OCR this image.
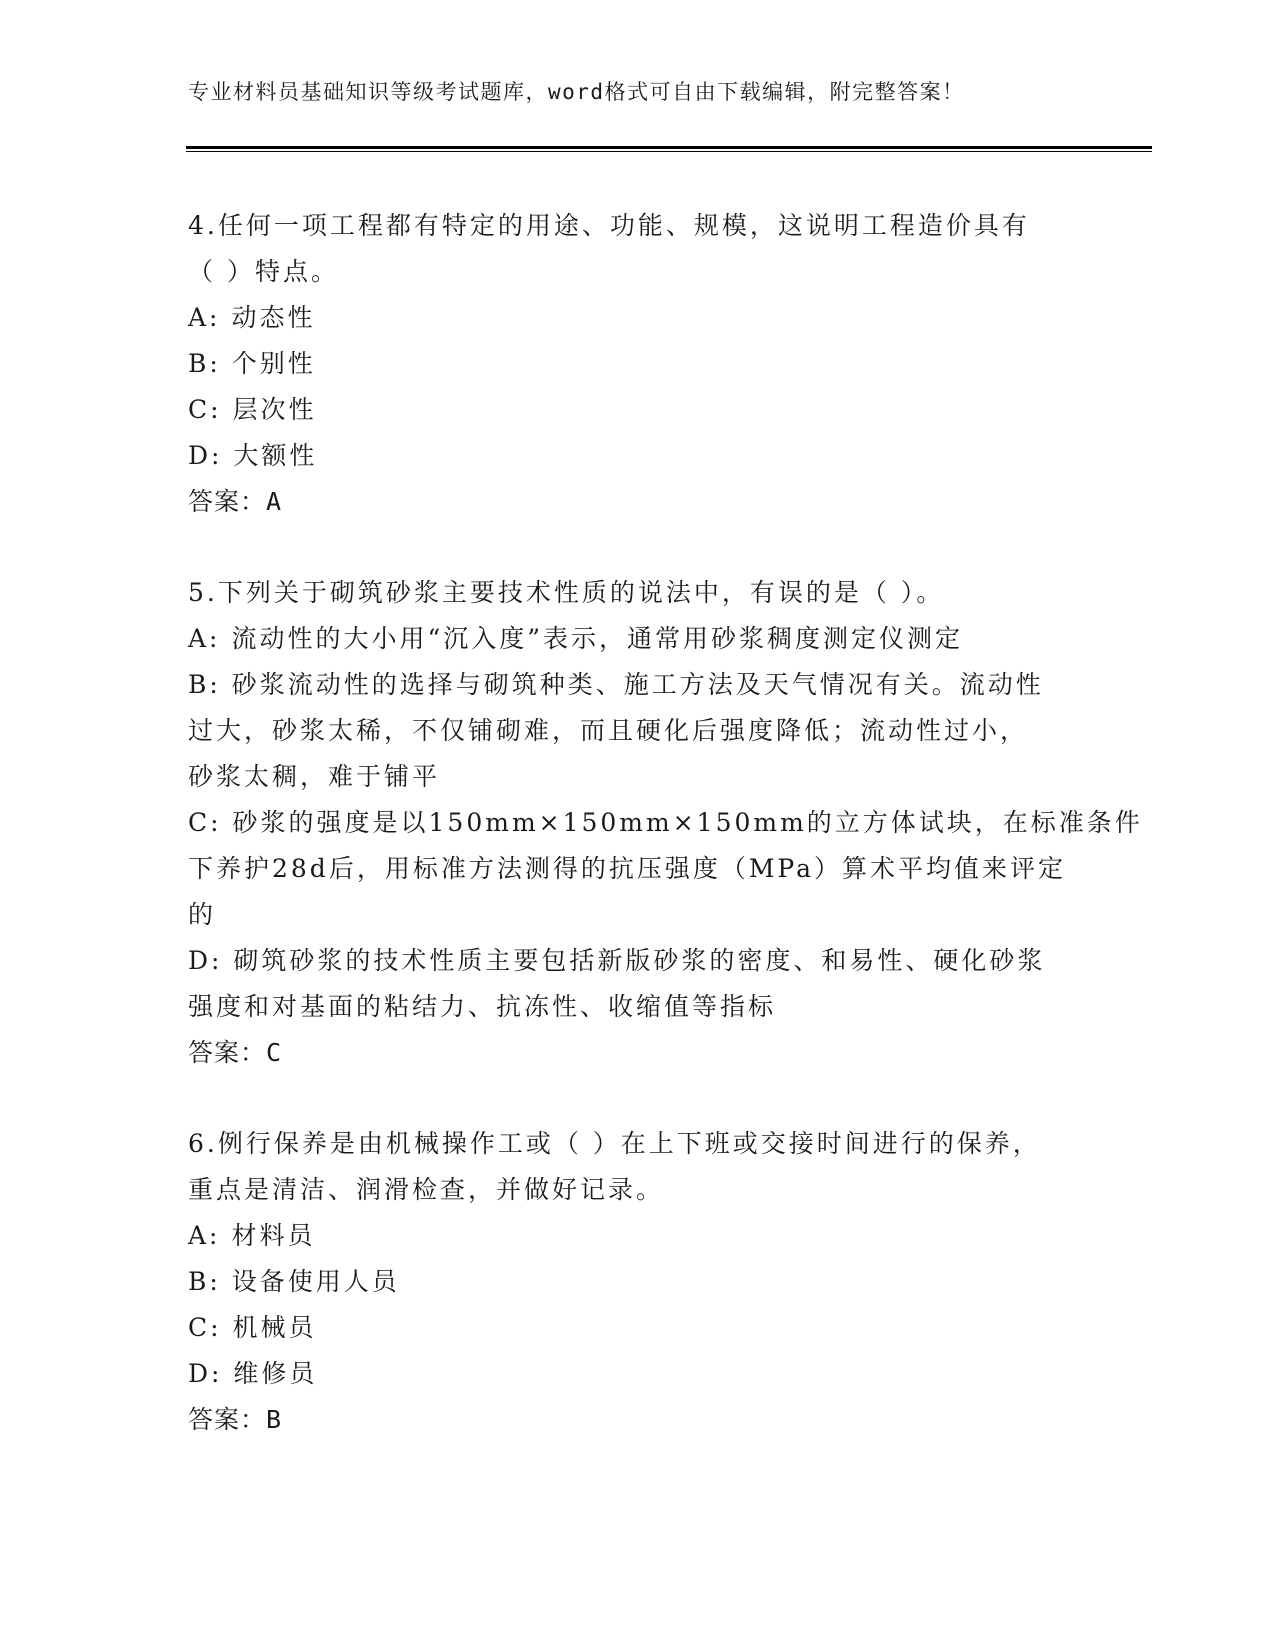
专业材料员基础知识等级考试题库，word格式可自由下载编辑，附完整答案！
4.任何一项工程都有特定的用途、功能、规模，这说明工程造价具有
（ ）特点。
A: 动态性
B: 个别性
C: 层次性
D: 大额性
答案：A
5.下列关于砌筑砂浆主要技术性质的说法中，有误的是（ ）。
A: 流动性的大小用“沉入度”表示，通常用砂浆稠度测定仪测定
B: 砂浆流动性的选择与砌筑种类、施工方法及天气情况有关。流动性
过大，砂浆太稀，不仅铺砌难，而且硬化后强度降低；流动性过小，
砂浆太稠，难于铺平
C: 砂浆的强度是以150mm×150mm×150mm的立方体试块，在标准条件
下养护28d后，用标准方法测得的抗压强度（MPa）算术平均值来评定
的
D: 砌筑砂浆的技术性质主要包括新版砂浆的密度、和易性、硬化砂浆
强度和对基面的粘结力、抗冻性、收缩值等指标
答案：C
6.例行保养是由机械操作工或（ ）在上下班或交接时间进行的保养，
重点是清洁、润滑检查，并做好记录。
A: 材料员
B: 设备使用人员
C: 机械员
D: 维修员
答案：B
